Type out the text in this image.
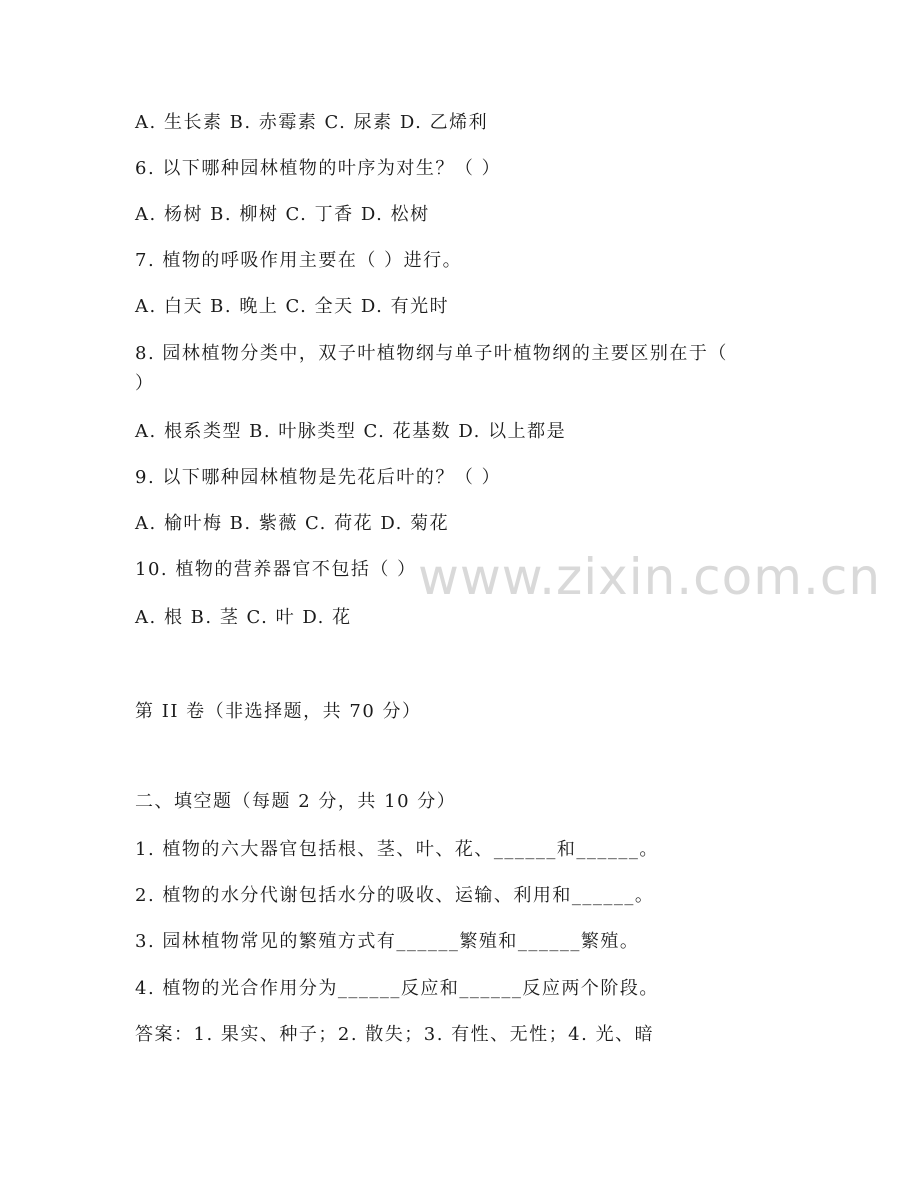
www.zixin.com.cn
A. 生长素 B. 赤霉素 C. 尿素 D. 乙烯利
6. 以下哪种园林植物的叶序为对生？（ ）
A. 杨树 B. 柳树 C. 丁香 D. 松树
7. 植物的呼吸作用主要在（ ）进行。
A. 白天 B. 晚上 C. 全天 D. 有光时
8. 园林植物分类中，双子叶植物纲与单子叶植物纲的主要区别在于（
）
A. 根系类型 B. 叶脉类型 C. 花基数 D. 以上都是
9. 以下哪种园林植物是先花后叶的？（ ）
A. 榆叶梅 B. 紫薇 C. 荷花 D. 菊花
10. 植物的营养器官不包括（ ）
A. 根 B. 茎 C. 叶 D. 花
第 II 卷（非选择题，共 70 分）
二、填空题（每题 2 分，共 10 分）
1. 植物的六大器官包括根、茎、叶、花、______和______。
2. 植物的水分代谢包括水分的吸收、运输、利用和______。
3. 园林植物常见的繁殖方式有______繁殖和______繁殖。
4. 植物的光合作用分为______反应和______反应两个阶段。
答案：1. 果实、种子；2. 散失；3. 有性、无性；4. 光、暗
